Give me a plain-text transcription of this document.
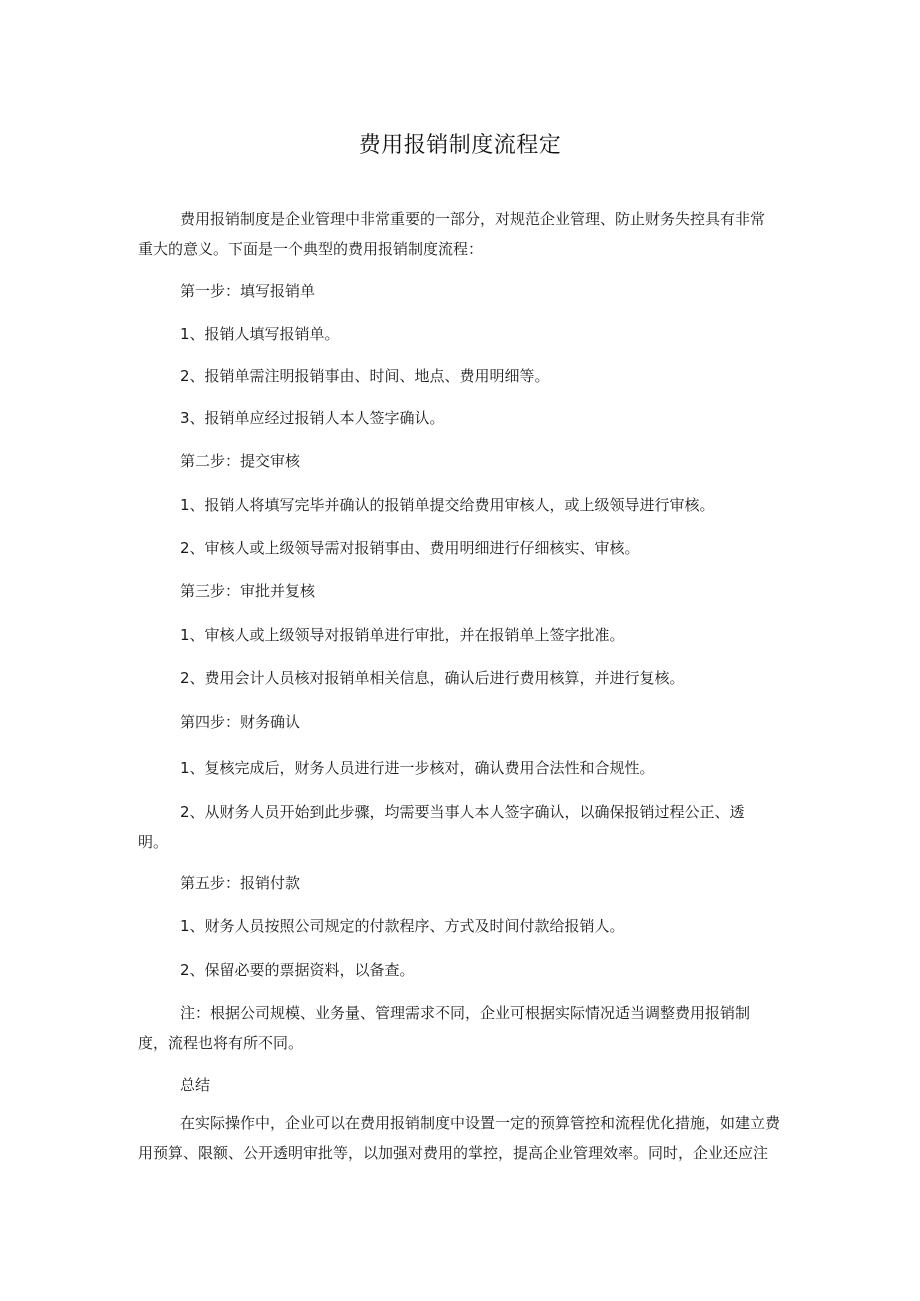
费用报销制度流程定
费用报销制度是企业管理中非常重要的一部分，对规范企业管理、防止财务失控具有非常
重大的意义。下面是一个典型的费用报销制度流程：
第一步：填写报销单
1、报销人填写报销单。
2、报销单需注明报销事由、时间、地点、费用明细等。
3、报销单应经过报销人本人签字确认。
第二步：提交审核
1、报销人将填写完毕并确认的报销单提交给费用审核人，或上级领导进行审核。
2、审核人或上级领导需对报销事由、费用明细进行仔细核实、审核。
第三步：审批并复核
1、审核人或上级领导对报销单进行审批，并在报销单上签字批准。
2、费用会计人员核对报销单相关信息，确认后进行费用核算，并进行复核。
第四步：财务确认
1、复核完成后，财务人员进行进一步核对，确认费用合法性和合规性。
2、从财务人员开始到此步骤，均需要当事人本人签字确认，以确保报销过程公正、透
明。
第五步：报销付款
1、财务人员按照公司规定的付款程序、方式及时间付款给报销人。
2、保留必要的票据资料，以备查。
注：根据公司规模、业务量、管理需求不同，企业可根据实际情况适当调整费用报销制
度，流程也将有所不同。
总结
在实际操作中，企业可以在费用报销制度中设置一定的预算管控和流程优化措施，如建立费
用预算、限额、公开透明审批等，以加强对费用的掌控，提高企业管理效率。同时，企业还应注
